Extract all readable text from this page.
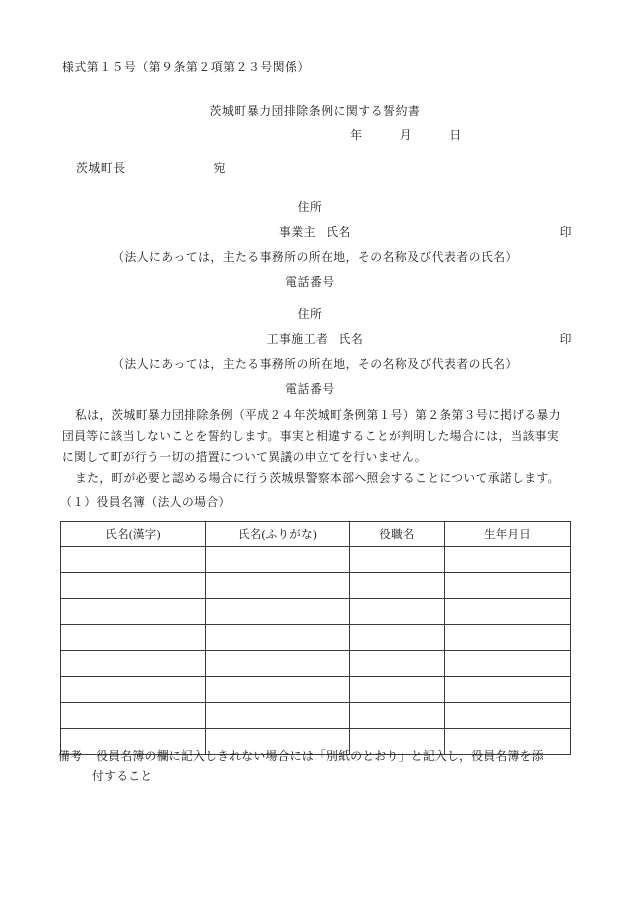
様式第１５号（第９条第２項第２３号関係）
茨城町暴力団排除条例に関する誓約書
年　　　月　　　日
茨城町長	宛
住所
事業主 氏名	印
（法人にあっては，主たる事務所の所在地，その名称及び代表者の氏名）
電話番号
住所
工事施工者 氏名	印
（法人にあっては，主たる事務所の所在地，その名称及び代表者の氏名）
電話番号

私は，茨城町暴力団排除条例（平成２４年茨城町条例第１号）第２条第３号に掲げる暴力団員等に該当しないことを誓約します。事実と相違することが判明した場合には，当該事実に関して町が行う一切の措置について異議の申立てを行いません。

また，町が必要と認める場合に行う茨城県警察本部へ照会することについて承諾します。

（１）役員名簿（法人の場合）
氏名(漢字)	氏名(ふりがな)	役職名	生年月日

備考 役員名簿の欄に記入しきれない場合には「別紙のとおり」と記入し，役員名簿を添
付すること
